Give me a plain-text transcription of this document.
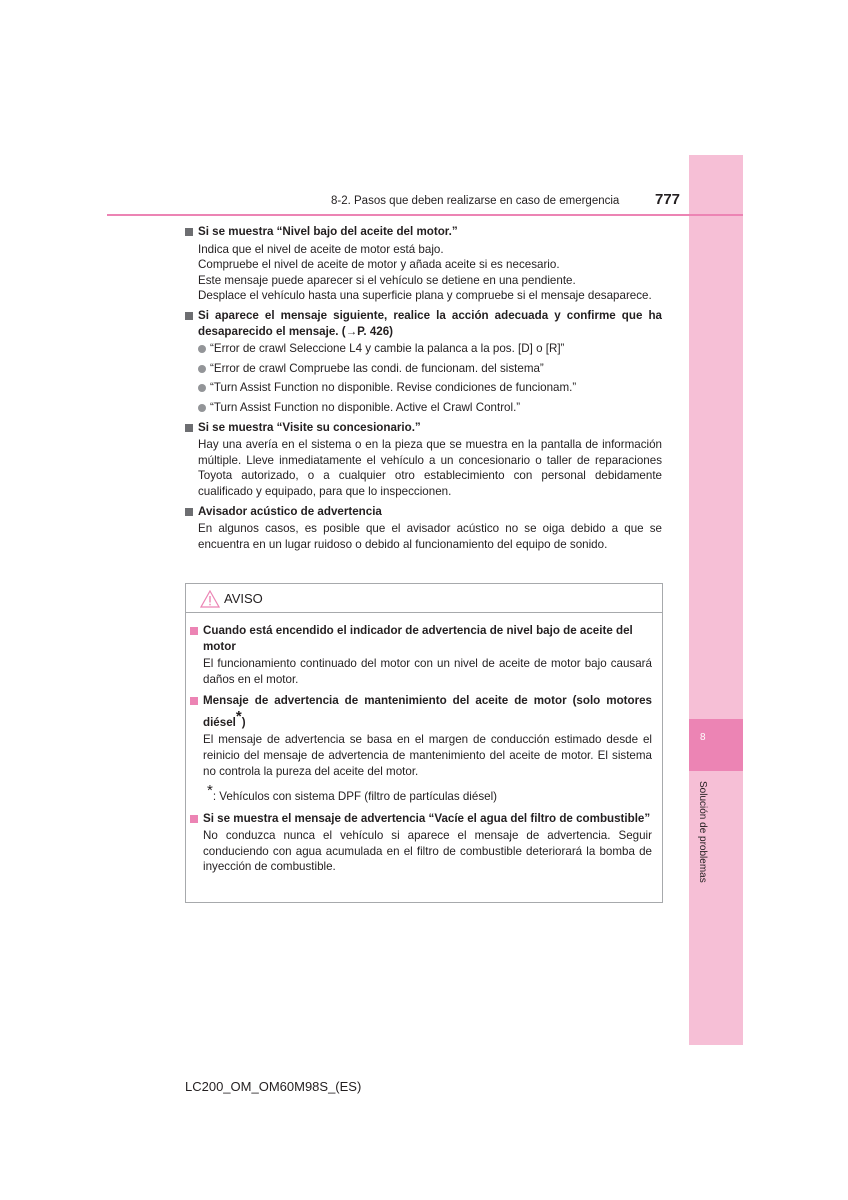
8
Solución de problemas
8-2. Pasos que deben realizarse en caso de emergencia 777
Si se muestra “Nivel bajo del aceite del motor.”
Indica que el nivel de aceite de motor está bajo.
Compruebe el nivel de aceite de motor y añada aceite si es necesario.
Este mensaje puede aparecer si el vehículo se detiene en una pendiente.
Desplace el vehículo hasta una superficie plana y compruebe si el mensaje desaparece.
Si aparece el mensaje siguiente, realice la acción adecuada y confirme que ha desaparecido el mensaje. (→P. 426)
“Error de crawl Seleccione L4 y cambie la palanca a la pos. [D] o [R]”
“Error de crawl Compruebe las condi. de funcionam. del sistema”
“Turn Assist Function no disponible. Revise condiciones de funcionam.”
“Turn Assist Function no disponible. Active el Crawl Control.”
Si se muestra “Visite su concesionario.”
Hay una avería en el sistema o en la pieza que se muestra en la pantalla de información múltiple. Lleve inmediatamente el vehículo a un concesionario o taller de reparaciones Toyota autorizado, o a cualquier otro establecimiento con personal debidamente cualificado y equipado, para que lo inspeccionen.
Avisador acústico de advertencia
En algunos casos, es posible que el avisador acústico no se oiga debido a que se encuentra en un lugar ruidoso o debido al funcionamiento del equipo de sonido.
AVISO
Cuando está encendido el indicador de advertencia de nivel bajo de aceite del motor
El funcionamiento continuado del motor con un nivel de aceite de motor bajo causará daños en el motor.
Mensaje de advertencia de mantenimiento del aceite de motor (solo motores diésel*)
El mensaje de advertencia se basa en el margen de conducción estimado desde el reinicio del mensaje de advertencia de mantenimiento del aceite de motor. El sistema no controla la pureza del aceite del motor.
*: Vehículos con sistema DPF (filtro de partículas diésel)
Si se muestra el mensaje de advertencia “Vacíe el agua del filtro de combustible”
No conduzca nunca el vehículo si aparece el mensaje de advertencia. Seguir conduciendo con agua acumulada en el filtro de combustible deteriorará la bomba de inyección de combustible.
LC200_OM_OM60M98S_(ES)
